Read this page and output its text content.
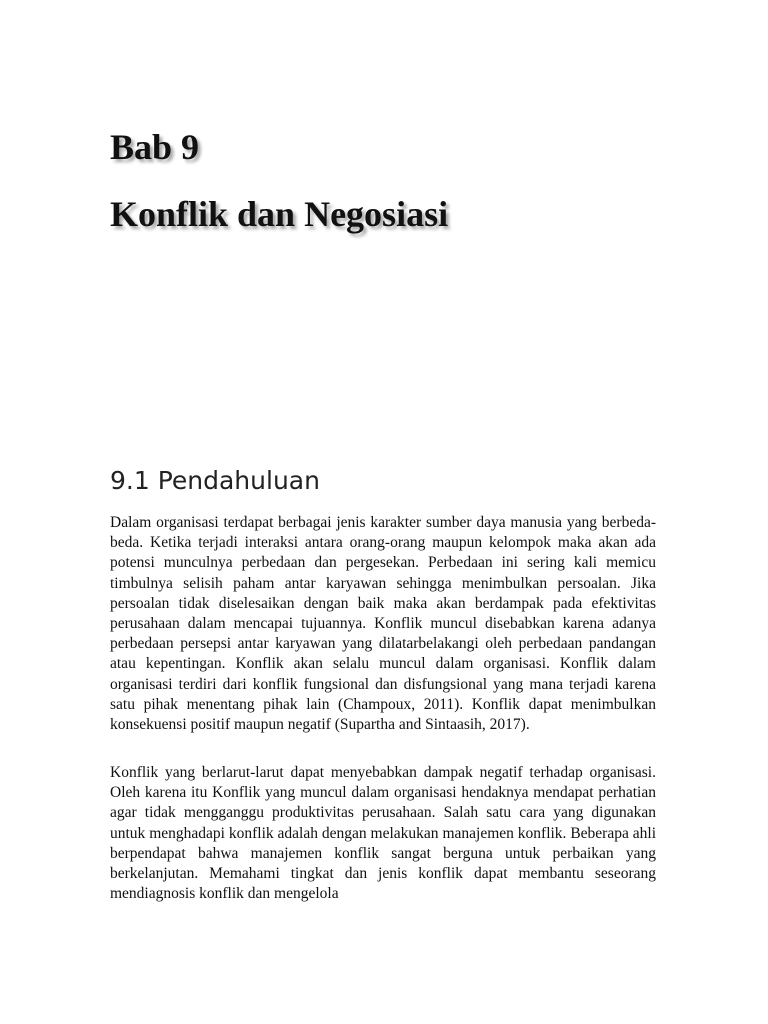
Bab 9
Konflik dan Negosiasi
9.1 Pendahuluan

Dalam organisasi terdapat berbagai jenis karakter sumber daya manusia yang berbeda-beda. Ketika terjadi interaksi antara orang-orang maupun kelompok maka akan ada potensi munculnya perbedaan dan pergesekan. Perbedaan ini sering kali memicu timbulnya selisih paham antar karyawan sehingga menimbulkan persoalan. Jika persoalan tidak diselesaikan dengan baik maka akan berdampak pada efektivitas perusahaan dalam mencapai tujuannya. Konflik muncul disebabkan karena adanya perbedaan persepsi antar karyawan yang dilatarbelakangi oleh perbedaan pandangan atau kepentingan. Konflik akan selalu muncul dalam organisasi. Konflik dalam organisasi terdiri dari konflik fungsional dan disfungsional yang mana terjadi karena satu pihak menentang pihak lain (Champoux, 2011). Konflik dapat menimbulkan konsekuensi positif maupun negatif (Supartha and Sintaasih, 2017).

Konflik yang berlarut-larut dapat menyebabkan dampak negatif terhadap organisasi. Oleh karena itu Konflik yang muncul dalam organisasi hendaknya mendapat perhatian agar tidak mengganggu produktivitas perusahaan. Salah satu cara yang digunakan untuk menghadapi konflik adalah dengan melakukan manajemen konflik. Beberapa ahli berpendapat bahwa manajemen konflik sangat berguna untuk perbaikan yang berkelanjutan. Memahami tingkat dan jenis konflik dapat membantu seseorang mendiagnosis konflik dan mengelola
